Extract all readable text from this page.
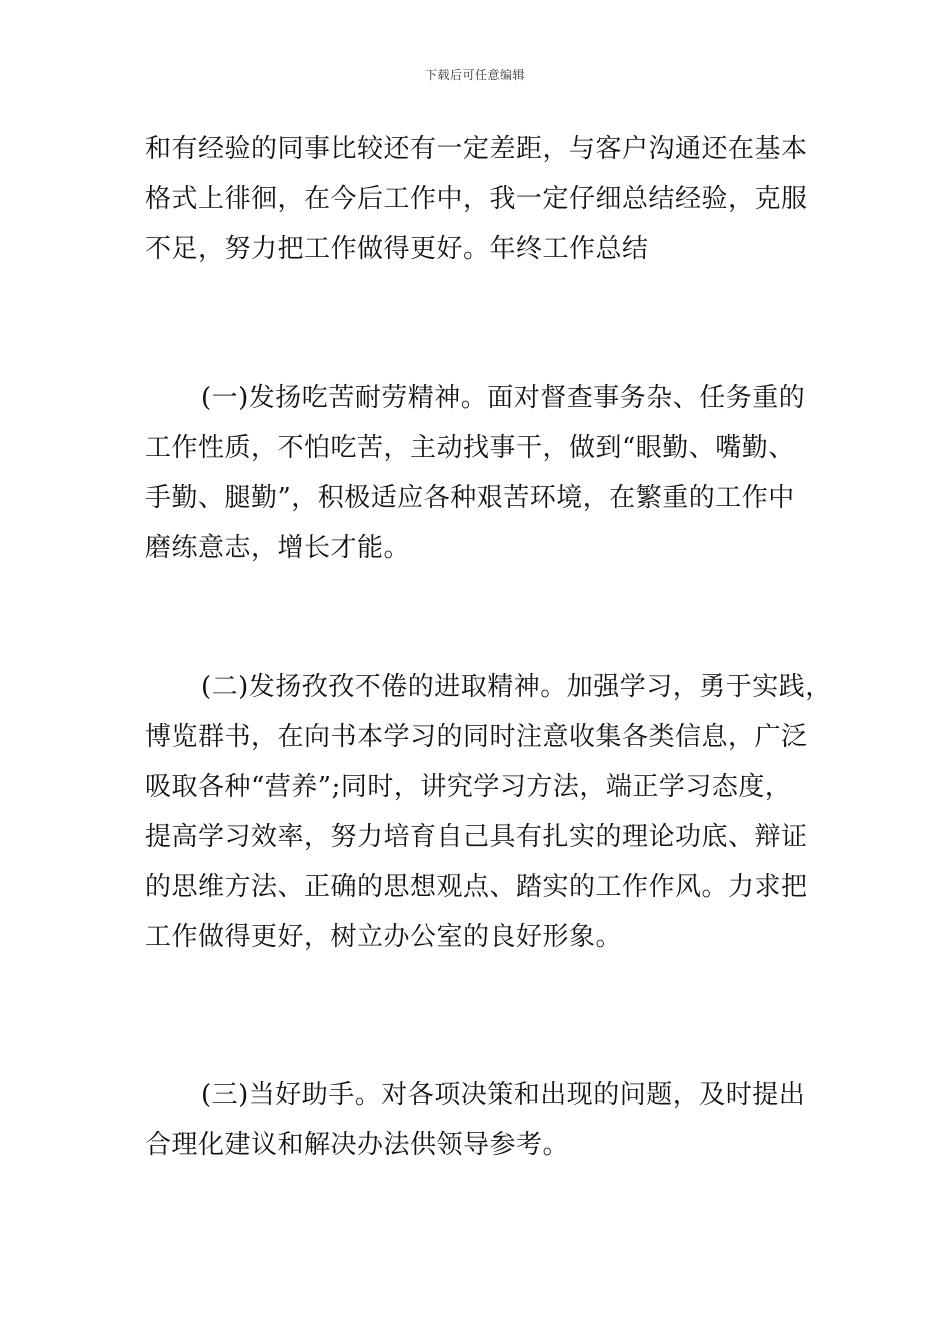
下载后可任意编辑
和有经验的同事比较还有一定差距，与客户沟通还在基本
格式上徘徊，在今后工作中，我一定仔细总结经验，克服
不足，努力把工作做得更好。年终工作总结
(一)发扬吃苦耐劳精神。面对督查事务杂、任务重的
工作性质，不怕吃苦，主动找事干，做到“眼勤、嘴勤、
手勤、腿勤”，积极适应各种艰苦环境，在繁重的工作中
磨练意志，增长才能。
(二)发扬孜孜不倦的进取精神。加强学习，勇于实践，
博览群书，在向书本学习的同时注意收集各类信息，广泛
吸取各种“营养”;同时，讲究学习方法，端正学习态度，
提高学习效率，努力培育自己具有扎实的理论功底、辩证
的思维方法、正确的思想观点、踏实的工作作风。力求把
工作做得更好，树立办公室的良好形象。
(三)当好助手。对各项决策和出现的问题，及时提出
合理化建议和解决办法供领导参考。
